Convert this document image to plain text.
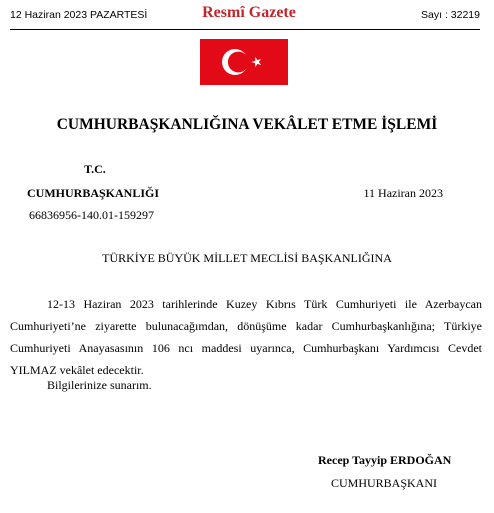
12 Haziran 2023 PAZARTESİ	Resmî Gazete	Sayı : 32219
CUMHURBAŞKANLIĞINA VEKÂLET ETME İŞLEMİ
T.C.
CUMHURBAŞKANLIĞI
66836956-140.01-159297
11 Haziran 2023
TÜRKİYE BÜYÜK MİLLET MECLİSİ BAŞKANLIĞINA

12-13 Haziran 2023 tarihlerinde Kuzey Kıbrıs Türk Cumhuriyeti ile Azerbaycan Cumhuriyeti’ne ziyarette bulunacağımdan, dönüşüme kadar Cumhurbaşkanlığına; Türkiye Cumhuriyeti Anayasasının 106 ncı maddesi uyarınca, Cumhurbaşkanı Yardımcısı Cevdet YILMAZ vekâlet edecektir.

Bilgilerinize sunarım.
Recep Tayyip ERDOĞAN
CUMHURBAŞKANI
